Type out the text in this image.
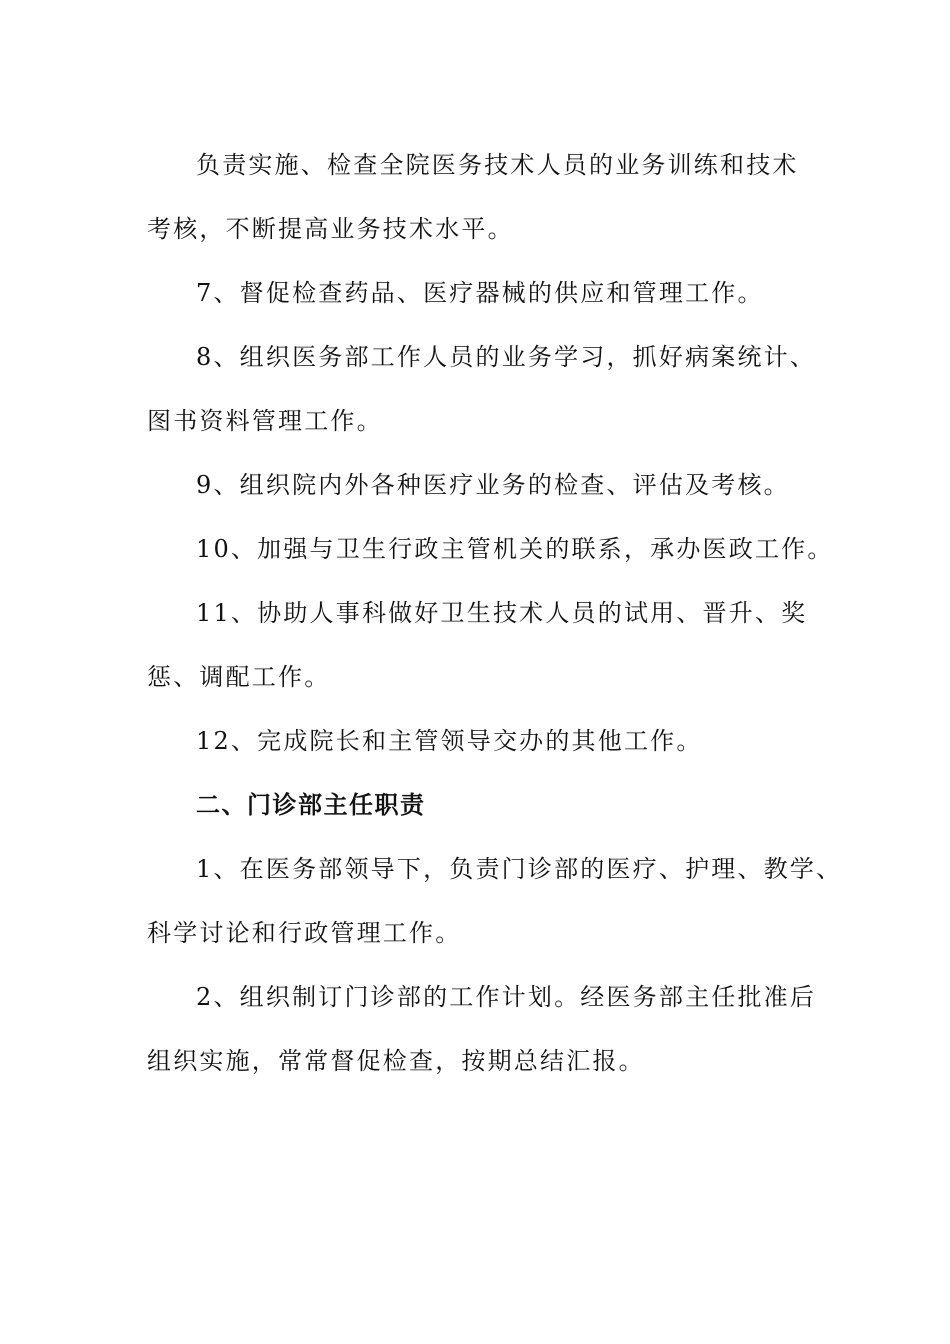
负责实施、检查全院医务技术人员的业务训练和技术
考核，不断提高业务技术水平。
7、督促检查药品、医疗器械的供应和管理工作。
8、组织医务部工作人员的业务学习，抓好病案统计、
图书资料管理工作。
9、组织院内外各种医疗业务的检查、评估及考核。
10、加强与卫生行政主管机关的联系，承办医政工作。
11、协助人事科做好卫生技术人员的试用、晋升、奖
惩、调配工作。
12、完成院长和主管领导交办的其他工作。
二、门诊部主任职责
1、在医务部领导下，负责门诊部的医疗、护理、教学、
科学讨论和行政管理工作。
2、组织制订门诊部的工作计划。经医务部主任批准后
组织实施，常常督促检查，按期总结汇报。
